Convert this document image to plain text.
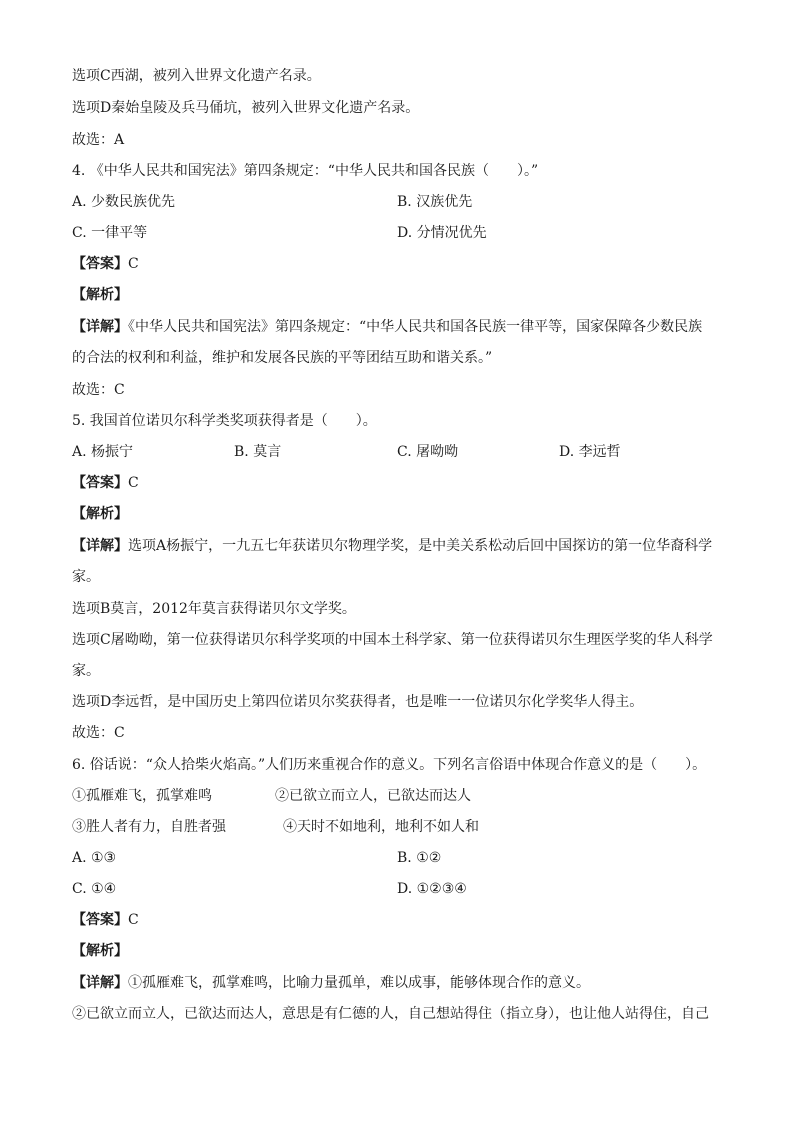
选项C西湖，被列入世界文化遗产名录。
选项D秦始皇陵及兵马俑坑，被列入世界文化遗产名录。
故选：A
4. 《中华人民共和国宪法》第四条规定：“中华人民共和国各民族（　　）。”
A. 少数民族优先	B. 汉族优先
C. 一律平等	D. 分情况优先
【答案】C
【解析】
【详解】《中华人民共和国宪法》第四条规定：“中华人民共和国各民族一律平等，国家保障各少数民族
的合法的权利和利益，维护和发展各民族的平等团结互助和谐关系。”
故选：C
5. 我国首位诺贝尔科学类奖项获得者是（　　）。
A. 杨振宁	B. 莫言	C. 屠呦呦	D. 李远哲
【答案】C
【解析】
【详解】选项A杨振宁，一九五七年获诺贝尔物理学奖，是中美关系松动后回中国探访的第一位华裔科学
家。
选项B莫言，2012年莫言获得诺贝尔文学奖。
选项C屠呦呦，第一位获得诺贝尔科学奖项的中国本土科学家、第一位获得诺贝尔生理医学奖的华人科学
家。
选项D李远哲，是中国历史上第四位诺贝尔奖获得者，也是唯一一位诺贝尔化学奖华人得主。
故选：C
6. 俗话说：“众人拾柴火焰高。”人们历来重视合作的意义。下列名言俗语中体现合作意义的是（　　）。
①孤雁难飞，孤掌难鸣	②已欲立而立人，已欲达而达人
③胜人者有力，自胜者强	④天时不如地利，地利不如人和
A. ①③	B. ①②
C. ①④	D. ①②③④
【答案】C
【解析】
【详解】①孤雁难飞，孤掌难鸣，比喻力量孤单，难以成事，能够体现合作的意义。
②已欲立而立人，已欲达而达人，意思是有仁德的人，自己想站得住（指立身），也让他人站得住，自己
